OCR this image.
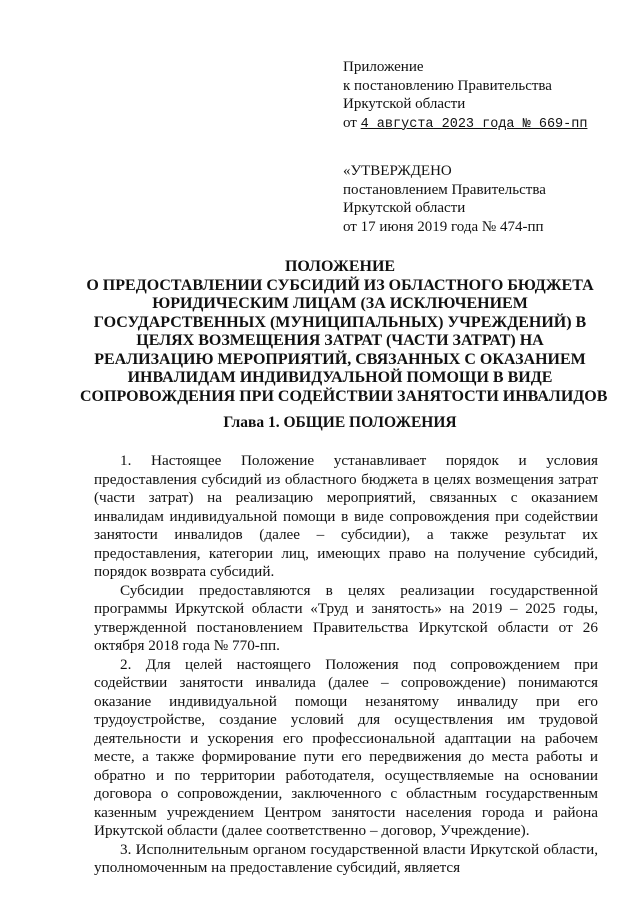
Приложение
к постановлению Правительства
Иркутской области
от 4 августа 2023 года № 669-пп
«УТВЕРЖДЕНО
постановлением Правительства
Иркутской области
от 17 июня 2019 года № 474-пп
ПОЛОЖЕНИЕ
О ПРЕДОСТАВЛЕНИИ СУБСИДИЙ ИЗ ОБЛАСТНОГО БЮДЖЕТА
ЮРИДИЧЕСКИМ ЛИЦАМ (ЗА ИСКЛЮЧЕНИЕМ
ГОСУДАРСТВЕННЫХ (МУНИЦИПАЛЬНЫХ) УЧРЕЖДЕНИЙ) В
ЦЕЛЯХ ВОЗМЕЩЕНИЯ ЗАТРАТ (ЧАСТИ ЗАТРАТ) НА
РЕАЛИЗАЦИЮ МЕРОПРИЯТИЙ, СВЯЗАННЫХ С ОКАЗАНИЕМ
ИНВАЛИДАМ ИНДИВИДУАЛЬНОЙ ПОМОЩИ В ВИДЕ
СОПРОВОЖДЕНИЯ ПРИ СОДЕЙСТВИИ ЗАНЯТОСТИ ИНВАЛИДОВ
Глава 1. ОБЩИЕ ПОЛОЖЕНИЯ

1. Настоящее Положение устанавливает порядок и условия предоставления субсидий из областного бюджета в целях возмещения затрат (части затрат) на реализацию мероприятий, связанных с оказанием инвалидам индивидуальной помощи в виде сопровождения при содействии занятости инвалидов (далее – субсидии), а также результат их предоставления, категории лиц, имеющих право на получение субсидий, порядок возврата субсидий.

Субсидии предоставляются в целях реализации государственной программы Иркутской области «Труд и занятость» на 2019 – 2025 годы, утвержденной постановлением Правительства Иркутской области от 26 октября 2018 года № 770-пп.

2. Для целей настоящего Положения под сопровождением при содействии занятости инвалида (далее – сопровождение) понимаются оказание индивидуальной помощи незанятому инвалиду при его трудоустройстве, создание условий для осуществления им трудовой деятельности и ускорения его профессиональной адаптации на рабочем месте, а также формирование пути его передвижения до места работы и обратно и по территории работодателя, осуществляемые на основании договора о сопровождении, заключенного с областным государственным казенным учреждением Центром занятости населения города и района Иркутской области (далее соответственно – договор, Учреждение).

3. Исполнительным органом государственной власти Иркутской области, уполномоченным на предоставление субсидий, является
